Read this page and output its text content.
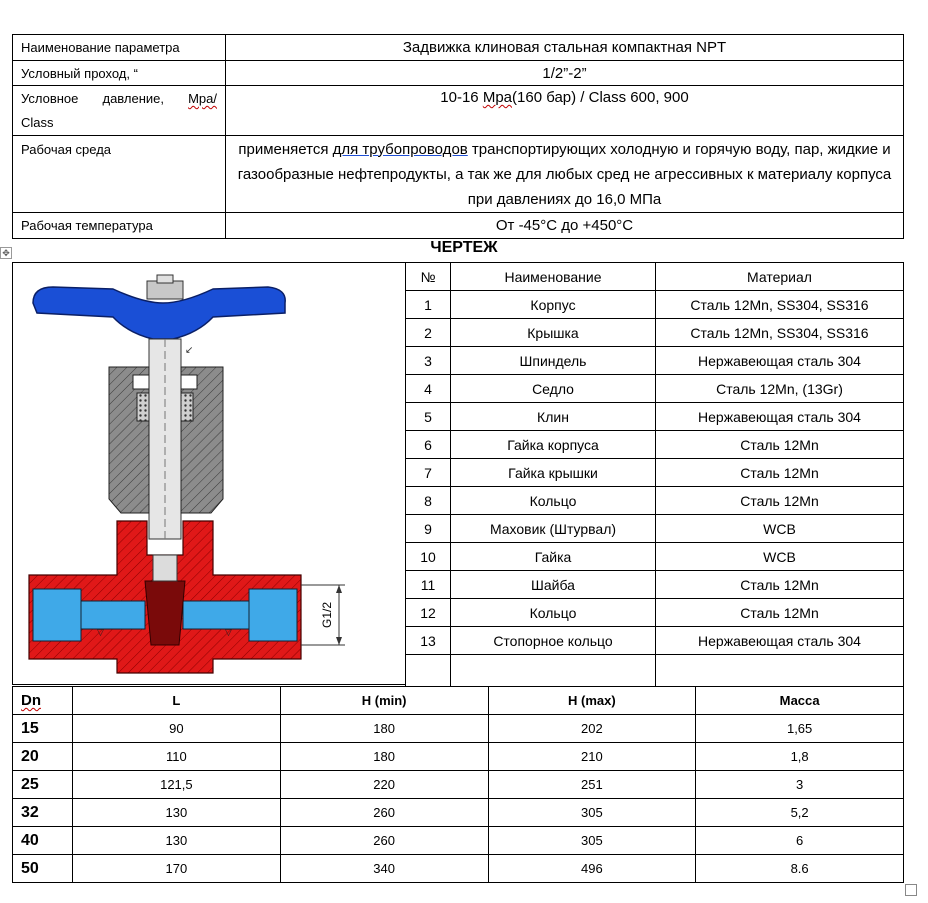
Наименование параметра	Задвижка клиновая стальная компактная NPT
Условный проход, “	1/2”-2”

Условное давление, Mpa/
Class	10-16 Mpa(160 бар) / Class 600, 900
Рабочая среда	применяется для трубопроводов транспортирующих холодную и горячую воду, пар, жидкие и газообразные нефтепродукты, а так же для любых сред не агрессивных к материалу корпуса при давлениях до 16,0 МПа
Рабочая температура	От -45°C до +450°C
ЧЕРТЕЖ
✥
↙
G1/2
▽	▽
№	Наименование	Материал
1	Корпус	Сталь 12Mn, SS304, SS316
2	Крышка	Сталь 12Mn, SS304, SS316
3	Шпиндель	Нержавеющая сталь 304
4	Седло	Сталь 12Mn, (13Gr)
5	Клин	Нержавеющая сталь 304
6	Гайка корпуса	Сталь 12Mn
7	Гайка крышки	Сталь 12Mn
8	Кольцо	Сталь 12Mn
9	Маховик (Штурвал)	WCB
10	Гайка	WCB
11	Шайба	Сталь 12Mn
12	Кольцо	Сталь 12Mn
13	Стопорное кольцо	Нержавеющая сталь 304

Dn	L	H (min)	H (max)	Масса
15	90	180	202	1,65
20	110	180	210	1,8
25	121,5	220	251	3
32	130	260	305	5,2
40	130	260	305	6
50	170	340	496	8.6
